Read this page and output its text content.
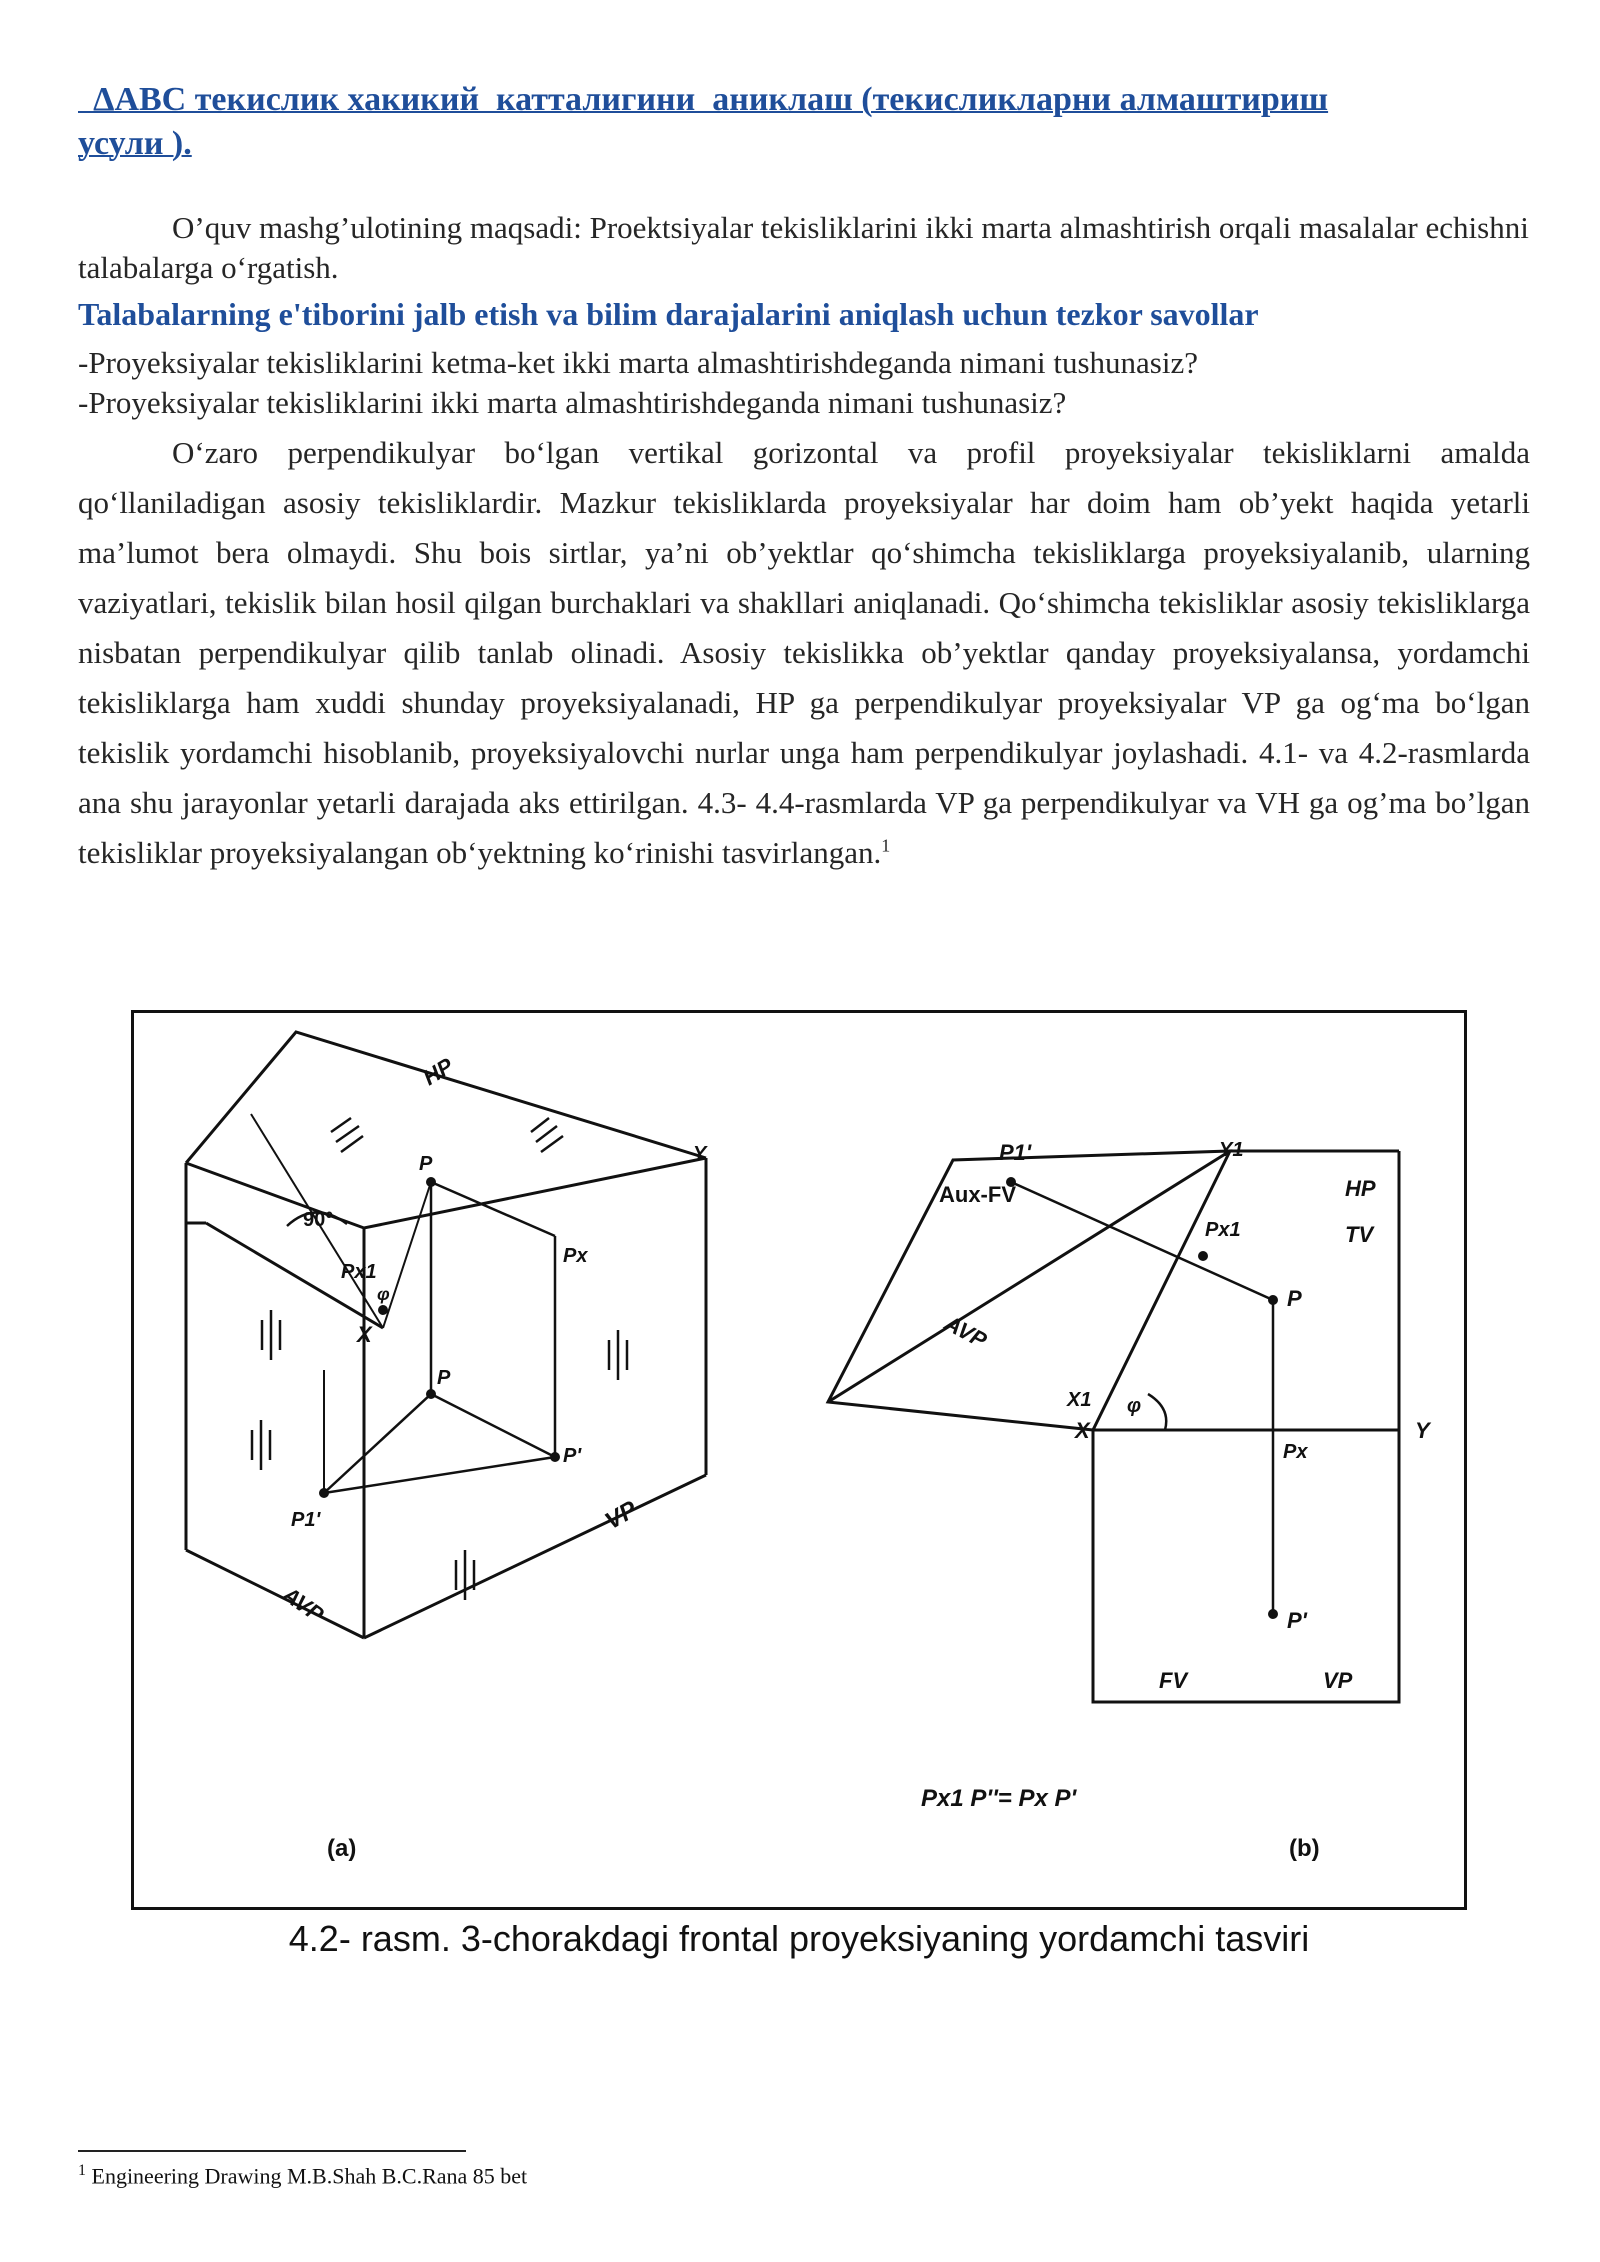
ΔABC текислик хакикий  катталигини  аниклаш (текисликларни алмаштириш
усули ).
O’quv mashg’ulotining maqsadi: Proektsiyalar tekisliklarini ikki marta almashtirish orqali masalalar echishni talabalarga o‘rgatish.
Talabalarning e'tiborini jalb etish va bilim darajalarini aniqlash uchun tezkor savollar
-Proyeksiyalar tekisliklarini ketma-ket ikki marta almashtirishdeganda nimani tushunasiz?
-Proyeksiyalar tekisliklarini ikki marta almashtirishdeganda nimani tushunasiz?
O‘zaro perpendikulyar bo‘lgan vertikal gorizontal va profil proyeksiyalar tekisliklarni amalda qo‘llaniladigan asosiy tekisliklardir. Mazkur tekisliklarda proyeksiyalar har doim ham ob’yekt haqida yetarli ma’lumot bera olmaydi. Shu bois sirtlar, ya’ni ob’yektlar qo‘shimcha tekisliklarga proyeksiyalanib, ularning vaziyatlari, tekislik bilan hosil qilgan burchaklari va shakllari aniqlanadi. Qo‘shimcha tekisliklar asosiy tekisliklarga nisbatan perpendikulyar qilib tanlab olinadi. Asosiy tekislikka ob’yektlar qanday proyeksiyalansa, yordamchi tekisliklarga ham xuddi shunday proyeksiyalanadi, HP ga perpendikulyar proyeksiyalar VP ga og‘ma bo‘lgan tekislik yordamchi hisoblanib, proyeksiyalovchi nurlar unga ham perpendikulyar joylashadi. 4.1- va 4.2-rasmlarda ana shu jarayonlar yetarli darajada aks ettirilgan. 4.3- 4.4-rasmlarda VP ga perpendikulyar va VH ga og’ma bo’lgan tekisliklar proyeksiyalangan ob‘yektning ko‘rinishi tasvirlangan.$^1$
HP
VP
AVP
90°
P
Px1
Px
φ
X
Y
P
P'
P1'
(a)
P1'
Aux-FV
Y1
HP
TV
Px1
P
AVP
X1 φ
X
Px
Y
P'
FV	VP
Px1 P''= Px P'
(b)
4.2- rasm. 3-chorakdagi frontal proyeksiyaning yordamchi tasviri
$^1$ Engineering Drawing M.B.Shah B.C.Rana 85 bet
